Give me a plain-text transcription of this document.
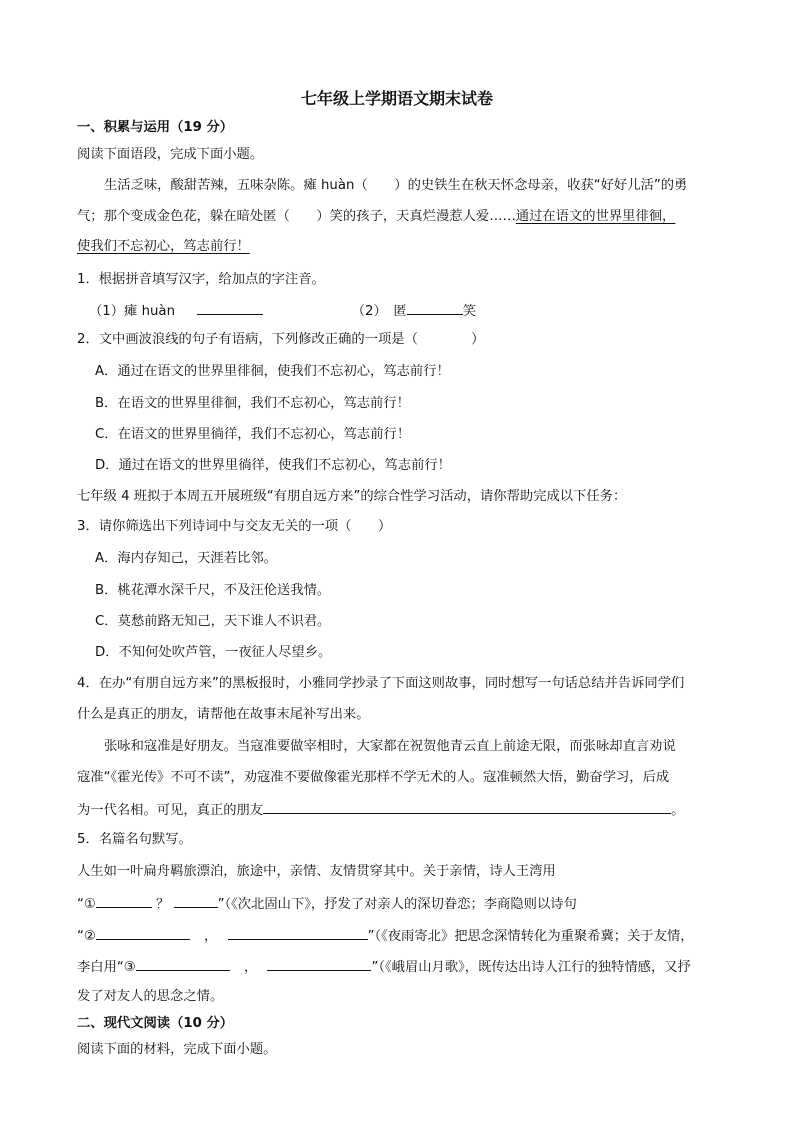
七年级上学期语文期末试卷
一、积累与运用（19 分）
阅读下面语段，完成下面小题。
生活乏味，酸甜苦辣，五味杂陈。瘫 huàn（　　）的史铁生在秋天怀念母亲，收获“好好儿活”的勇
气；那个变成金色花，躲在暗处匿（　　）笑的孩子，天真烂漫惹人爱……通过在语文的世界里徘徊，
使我们不忘初心，笃志前行！
1．根据拼音填写汉字，给加点的字注音。
（1）瘫 huàn	（2）　匿	笑
2．文中画波浪线的句子有语病，下列修改正确的一项是（　　　　）
A．通过在语文的世界里徘徊，使我们不忘初心，笃志前行！
B．在语文的世界里徘徊，我们不忘初心，笃志前行！
C．在语文的世界里徜徉，我们不忘初心，笃志前行！
D．通过在语文的世界里徜徉，使我们不忘初心，笃志前行！
七年级 4 班拟于本周五开展班级“有朋自远方来”的综合性学习活动，请你帮助完成以下任务：
3．请你筛选出下列诗词中与交友无关的一项（　　）
A．海内存知己，天涯若比邻。
B．桃花潭水深千尺，不及汪伦送我情。
C．莫愁前路无知己，天下谁人不识君。
D．不知何处吹芦管，一夜征人尽望乡。
4．在办“有朋自远方来”的黑板报时，小雅同学抄录了下面这则故事，同时想写一句话总结并告诉同学们
什么是真正的朋友，请帮他在故事末尾补写出来。
张咏和寇准是好朋友。当寇准要做宰相时，大家都在祝贺他青云直上前途无限，而张咏却直言劝说
寇准“《霍光传》不可不读”，劝寇准不要做像霍光那样不学无术的人。寇准顿然大悟，勤奋学习，后成
为一代名相。可见，真正的朋友	。
5．名篇名句默写。
人生如一叶扁舟羁旅漂泊，旅途中，亲情、友情贯穿其中。关于亲情，诗人王湾用
“①	？	”（《次北固山下》，抒发了对亲人的深切眷恋；李商隐则以诗句
“②	，	”（《夜雨寄北》把思念深情转化为重聚希冀；关于友情，
李白用“③	，	”（《峨眉山月歌》，既传达出诗人江行的独特情感，又抒
发了对友人的思念之情。
二、现代文阅读（10 分）
阅读下面的材料，完成下面小题。
